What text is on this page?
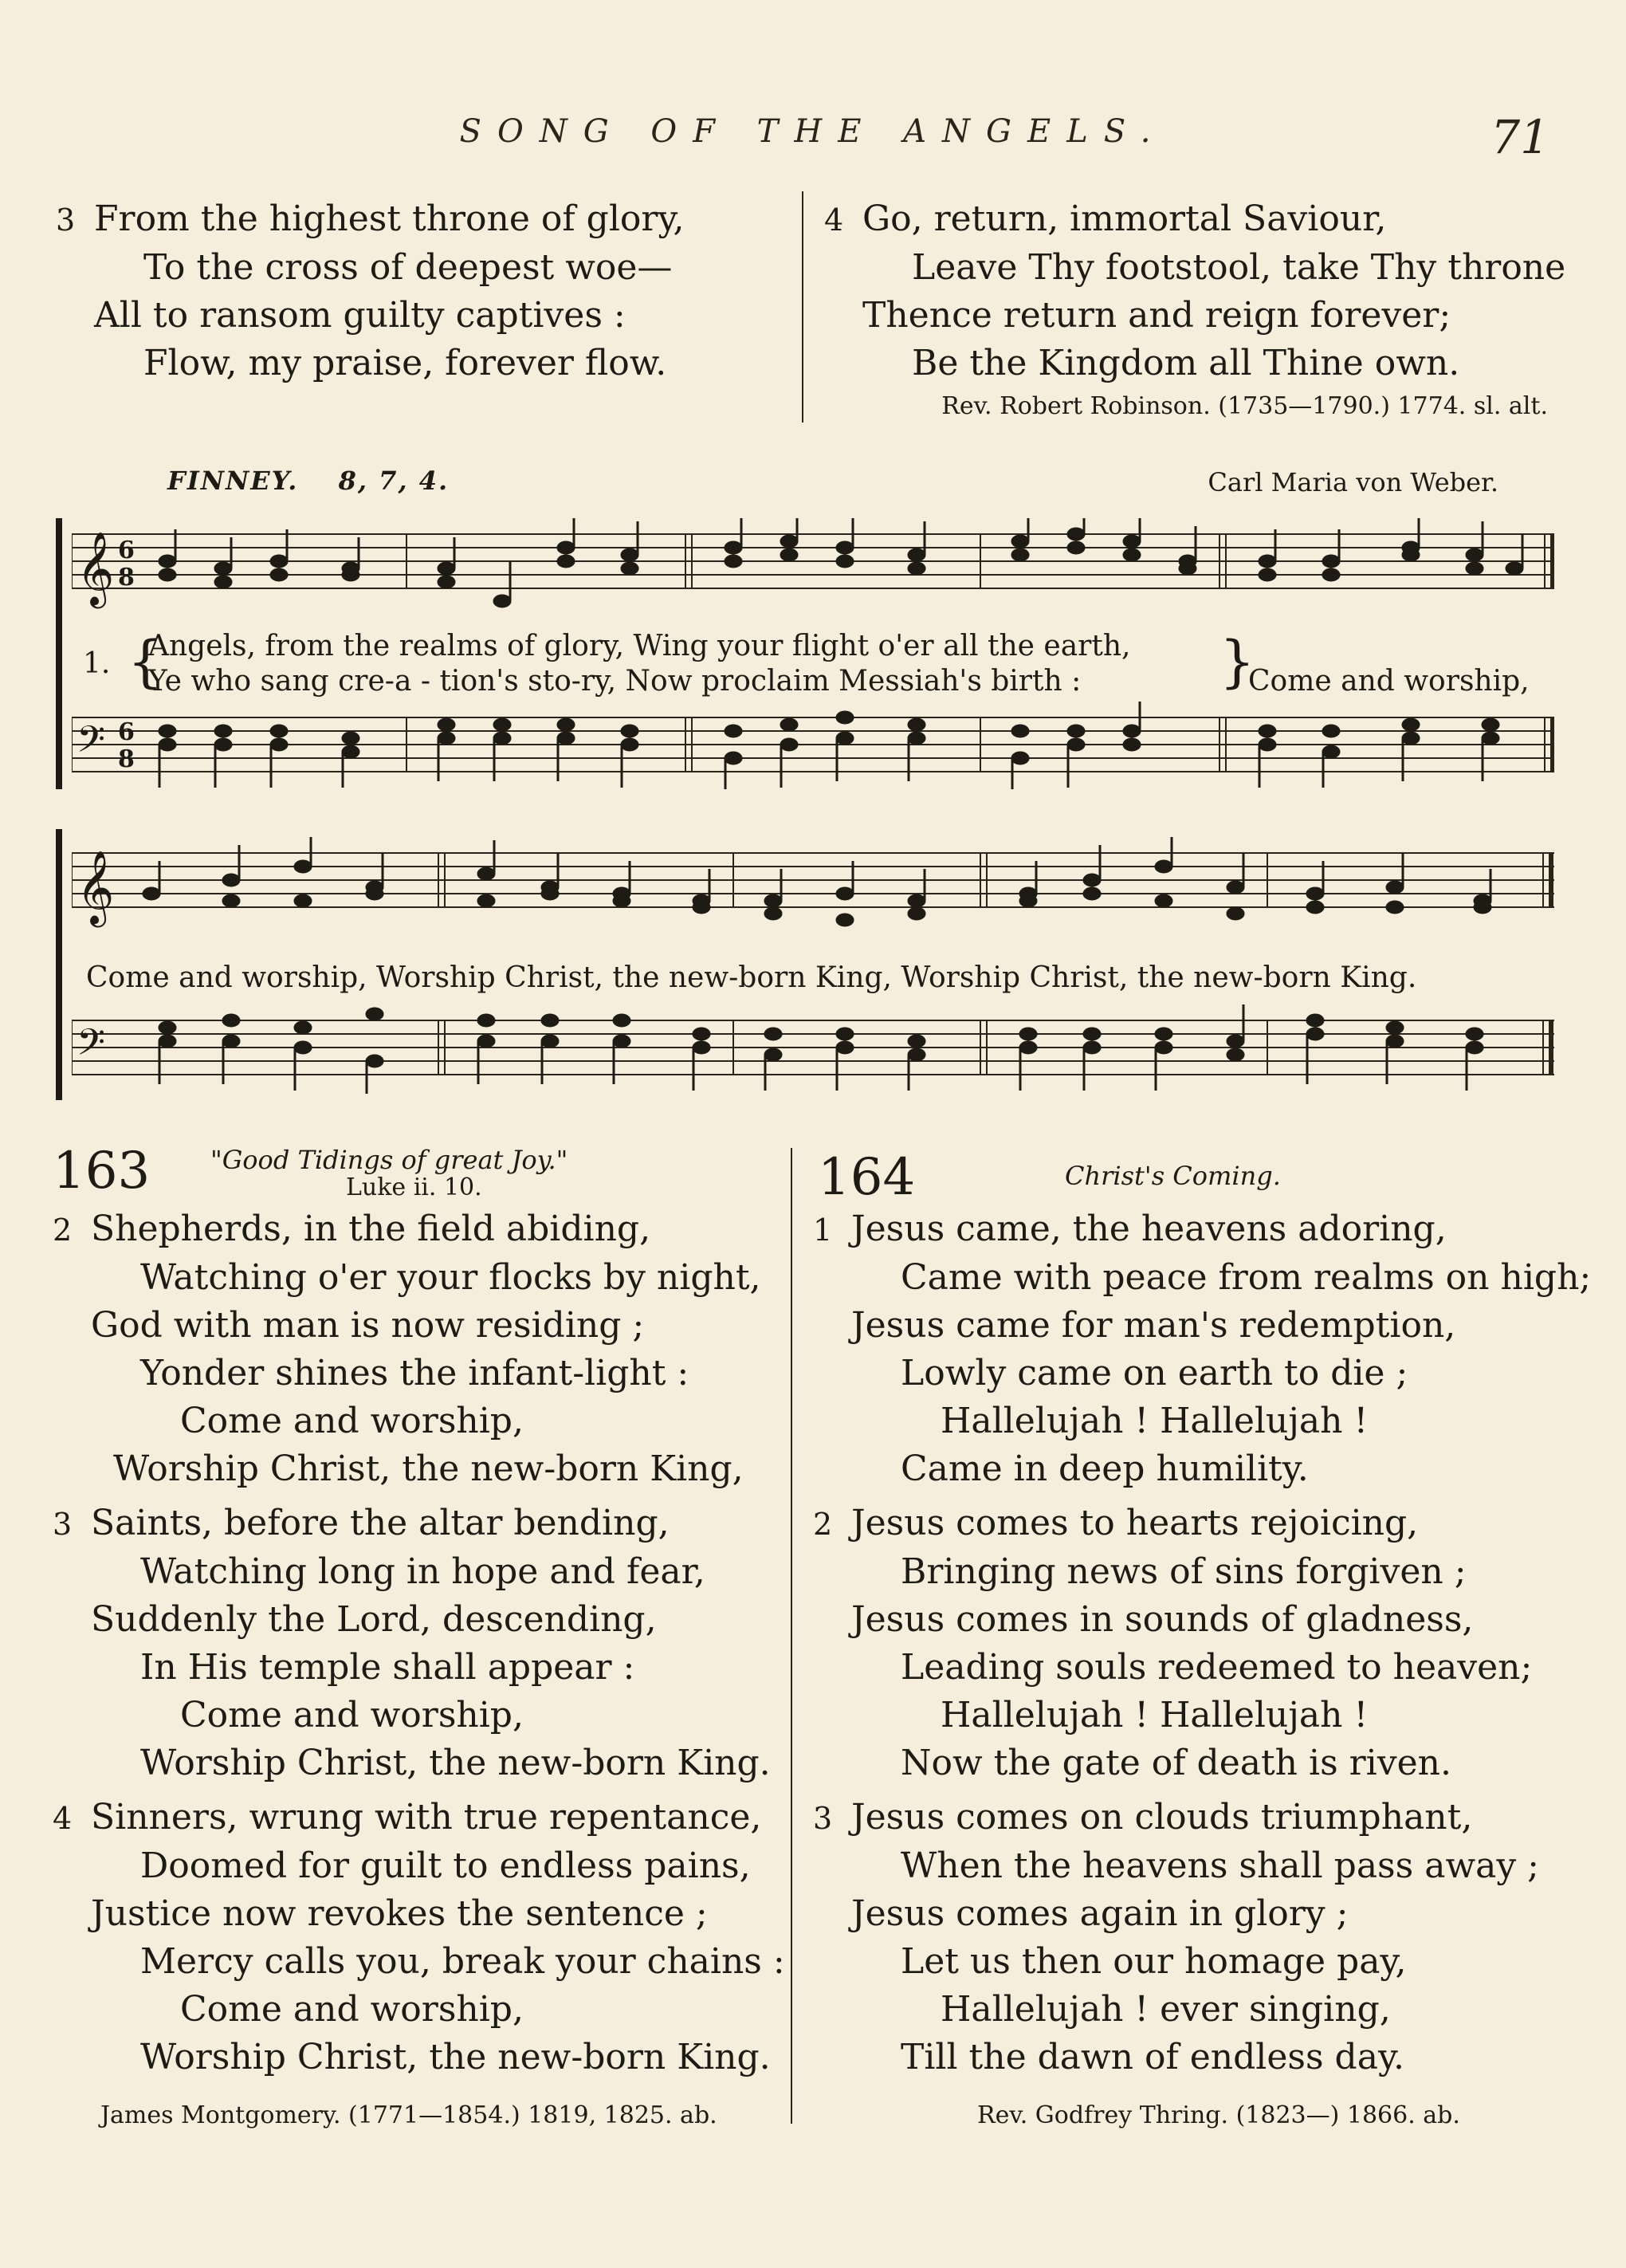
SONG OF THE ANGELS.	71
3 From the highest throne of glory,
To the cross of deepest woe—
All to ransom guilty captives :
Flow, my praise, forever flow.
4 Go, return, immortal Saviour,
Leave Thy footstool, take Thy throne
Thence return and reign forever;
Be the Kingdom all Thine own.
Rev. Robert Robinson. (1735—1790.) 1774. sl. alt.
FINNEY. 8, 7, 4.	Carl Maria von Weber.
𝄞 6
8
1. {
Angels, from the realms of glory, Wing your flight o'er all the earth,
Ye who sang cre-a - tion's sto-ry, Now proclaim Messiah's birth : }
Come and worship,
𝄢 6
8
𝄞
Come and worship, Worship Christ, the new-born King, Worship Christ, the new-born King.
𝄢
163 "Good Tidings of great Joy."
Luke ii. 10.	164	Christ's Coming.
2 Shepherds, in the field abiding,
Watching o'er your flocks by night,
God with man is now residing ;
Yonder shines the infant-light :
Come and worship,
Worship Christ, the new-born King,
3 Saints, before the altar bending,
Watching long in hope and fear,
Suddenly the Lord, descending,
In His temple shall appear :
Come and worship,
Worship Christ, the new-born King.
4 Sinners, wrung with true repentance,
Doomed for guilt to endless pains,
Justice now revokes the sentence ;
Mercy calls you, break your chains :
Come and worship,
Worship Christ, the new-born King.
James Montgomery. (1771—1854.) 1819, 1825. ab.
1 Jesus came, the heavens adoring,
Came with peace from realms on high;
Jesus came for man's redemption,
Lowly came on earth to die ;
Hallelujah ! Hallelujah !
Came in deep humility.
2 Jesus comes to hearts rejoicing,
Bringing news of sins forgiven ;
Jesus comes in sounds of gladness,
Leading souls redeemed to heaven;
Hallelujah ! Hallelujah !
Now the gate of death is riven.
3 Jesus comes on clouds triumphant,
When the heavens shall pass away ;
Jesus comes again in glory ;
Let us then our homage pay,
Hallelujah ! ever singing,
Till the dawn of endless day.
Rev. Godfrey Thring. (1823—) 1866. ab.
